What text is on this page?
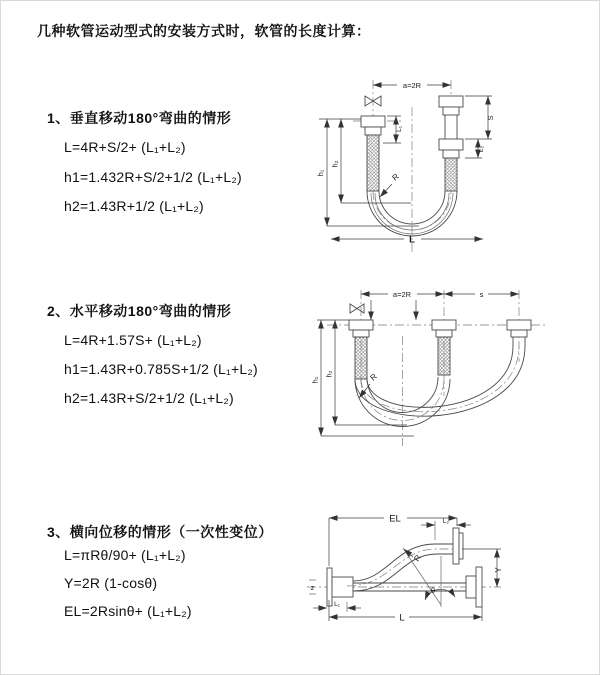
几种软管运动型式的安装方式时，软管的长度计算：
1、垂直移动180°弯曲的情形
L=4R+S/2+ (L₁+L₂)
h1=1.432R+S/2+1/2 (L₁+L₂)
h2=1.43R+1/2 (L₁+L₂)
a=2R
h₁
h₂
L₁
S
L₂
R
L
2、水平移动180°弯曲的情形
L=4R+1.57S+ (L₁+L₂)
h1=1.43R+0.785S+1/2 (L₁+L₂)
h2=1.43R+S/2+1/2 (L₁+L₂)
a=2R	s
h₁
h₂	R
3、横向位移的情形（一次性变位）
L=πRθ/90+ (L₁+L₂)
Y=2R (1-cosθ)
EL=2Rsinθ+ (L₁+L₂)
z	θ
EL	L₂
Y
R
L
L₁
